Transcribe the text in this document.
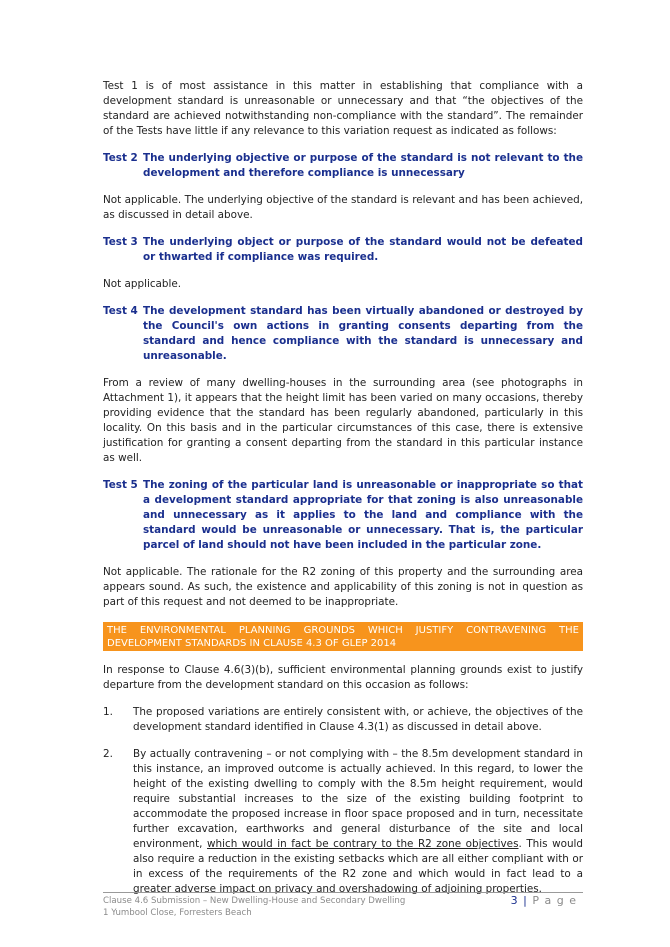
Test 1 is of most assistance in this matter in establishing that compliance with a development standard is unreasonable or unnecessary and that “the objectives of the standard are achieved notwithstanding non-compliance with the standard”. The remainder of the Tests have little if any relevance to this variation request as indicated as follows:

Test 2 The underlying objective or purpose of the standard is not relevant to the development and therefore compliance is unnecessary

Not applicable. The underlying objective of the standard is relevant and has been achieved, as discussed in detail above.

Test 3 The underlying object or purpose of the standard would not be defeated or thwarted if compliance was required.

Not applicable.

Test 4 The development standard has been virtually abandoned or destroyed by the Council's own actions in granting consents departing from the standard and hence compliance with the standard is unnecessary and unreasonable.

From a review of many dwelling-houses in the surrounding area (see photographs in Attachment 1), it appears that the height limit has been varied on many occasions, thereby providing evidence that the standard has been regularly abandoned, particularly in this locality. On this basis and in the particular circumstances of this case, there is extensive justification for granting a consent departing from the standard in this particular instance as well.

Test 5 The zoning of the particular land is unreasonable or inappropriate so that a development standard appropriate for that zoning is also unreasonable and unnecessary as it applies to the land and compliance with the standard would be unreasonable or unnecessary. That is, the particular parcel of land should not have been included in the particular zone.

Not applicable. The rationale for the R2 zoning of this property and the surrounding area appears sound. As such, the existence and applicability of this zoning is not in question as part of this request and not deemed to be inappropriate.

THE ENVIRONMENTAL PLANNING GROUNDS WHICH JUSTIFY CONTRAVENING THE DEVELOPMENT STANDARDS IN CLAUSE 4.3 OF GLEP 2014

In response to Clause 4.6(3)(b), sufficient environmental planning grounds exist to justify departure from the development standard on this occasion as follows:

1.	The proposed variations are entirely consistent with, or achieve, the objectives of the development standard identified in Clause 4.3(1) as discussed in detail above.
2.	By actually contravening – or not complying with – the 8.5m development standard in this instance, an improved outcome is actually achieved. In this regard, to lower the height of the existing dwelling to comply with the 8.5m height requirement, would require substantial increases to the size of the existing building footprint to accommodate the proposed increase in floor space proposed and in turn, necessitate further excavation, earthworks and general disturbance of the site and local environment, which would in fact be contrary to the R2 zone objectives. This would also require a reduction in the existing setbacks which are all either compliant with or in excess of the requirements of the R2 zone and which would in fact lead to a greater adverse impact on privacy and overshadowing of adjoining properties.
Clause 4.6 Submission – New Dwelling-House and Secondary Dwelling
1 Yumbool Close, Forresters Beach
3 | P a g e
